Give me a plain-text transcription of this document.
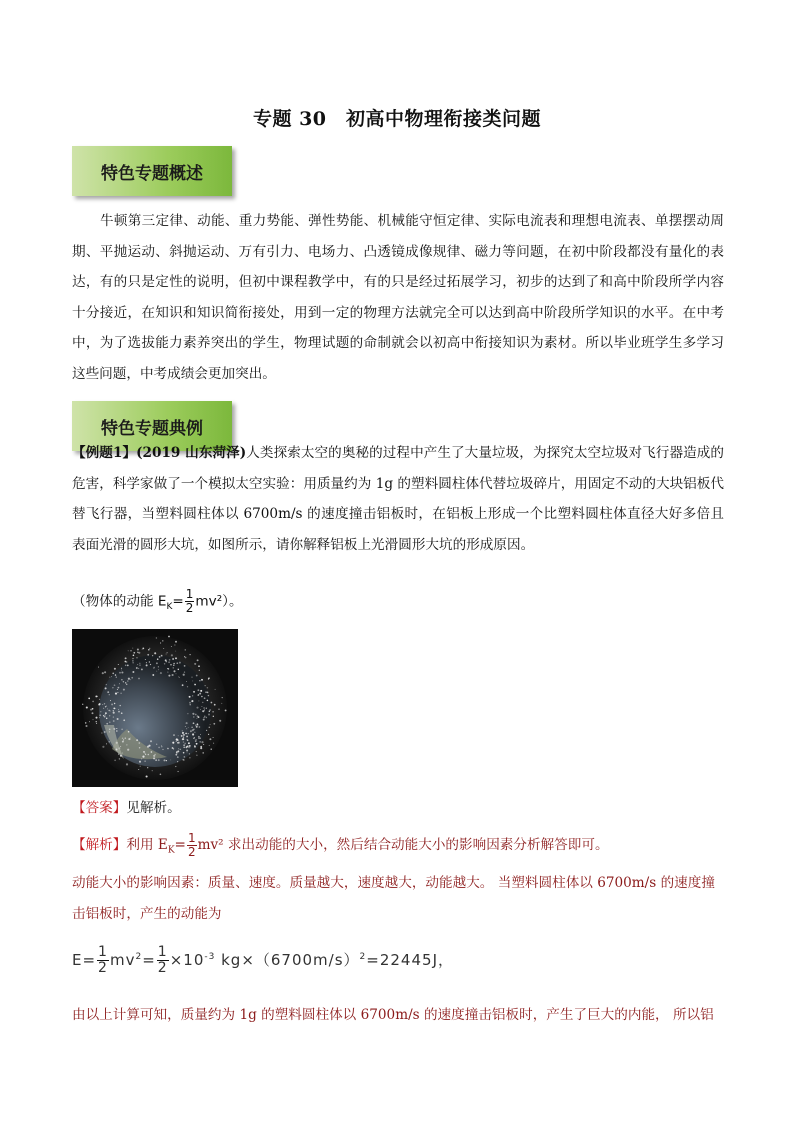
专题 30　初高中物理衔接类问题
特色专题概述
牛顿第三定律、动能、重力势能、弹性势能、机械能守恒定律、实际电流表和理想电流表、单摆摆动周期、平抛运动、斜抛运动、万有引力、电场力、凸透镜成像规律、磁力等问题，在初中阶段都没有量化的表达，有的只是定性的说明，但初中课程教学中，有的只是经过拓展学习，初步的达到了和高中阶段所学内容十分接近，在知识和知识简衔接处，用到一定的物理方法就完全可以达到高中阶段所学知识的水平。在中考中，为了选拔能力素养突出的学生，物理试题的命制就会以初高中衔接知识为素材。所以毕业班学生多学习这些问题，中考成绩会更加突出。
特色专题典例
【例题1】(2019 山东菏泽)人类探索太空的奥秘的过程中产生了大量垃圾，为探究太空垃圾对飞行器造成的危害，科学家做了一个模拟太空实验：用质量约为 1g 的塑料圆柱体代替垃圾碎片，用固定不动的大块铝板代替飞行器，当塑料圆柱体以 6700m/s 的速度撞击铝板时，在铝板上形成一个比塑料圆柱体直径大好多倍且表面光滑的圆形大坑，如图所示，请你解释铝板上光滑圆形大坑的形成原因。
（物体的动能 $E_K= \frac{1}{2} mv^2$）。
【答案】见解析。
【解析】利用 $E_K= \frac{1}{2} mv^2$ 求出动能的大小，然后结合动能大小的影响因素分析解答即可。
动能大小的影响因素：质量、速度。质量越大，速度越大，动能越大。 当塑料圆柱体以 6700m/s 的速度撞击铝板时，产生的动能为
$E= \frac{1}{2} mv^2= \frac{1}{2} \times 10^{-3}$ $kg\times(6700m/s)^2=22445J$，
由以上计算可知，质量约为 1g 的塑料圆柱体以 6700m/s 的速度撞击铝板时，产生了巨大的内能， 所以铝
